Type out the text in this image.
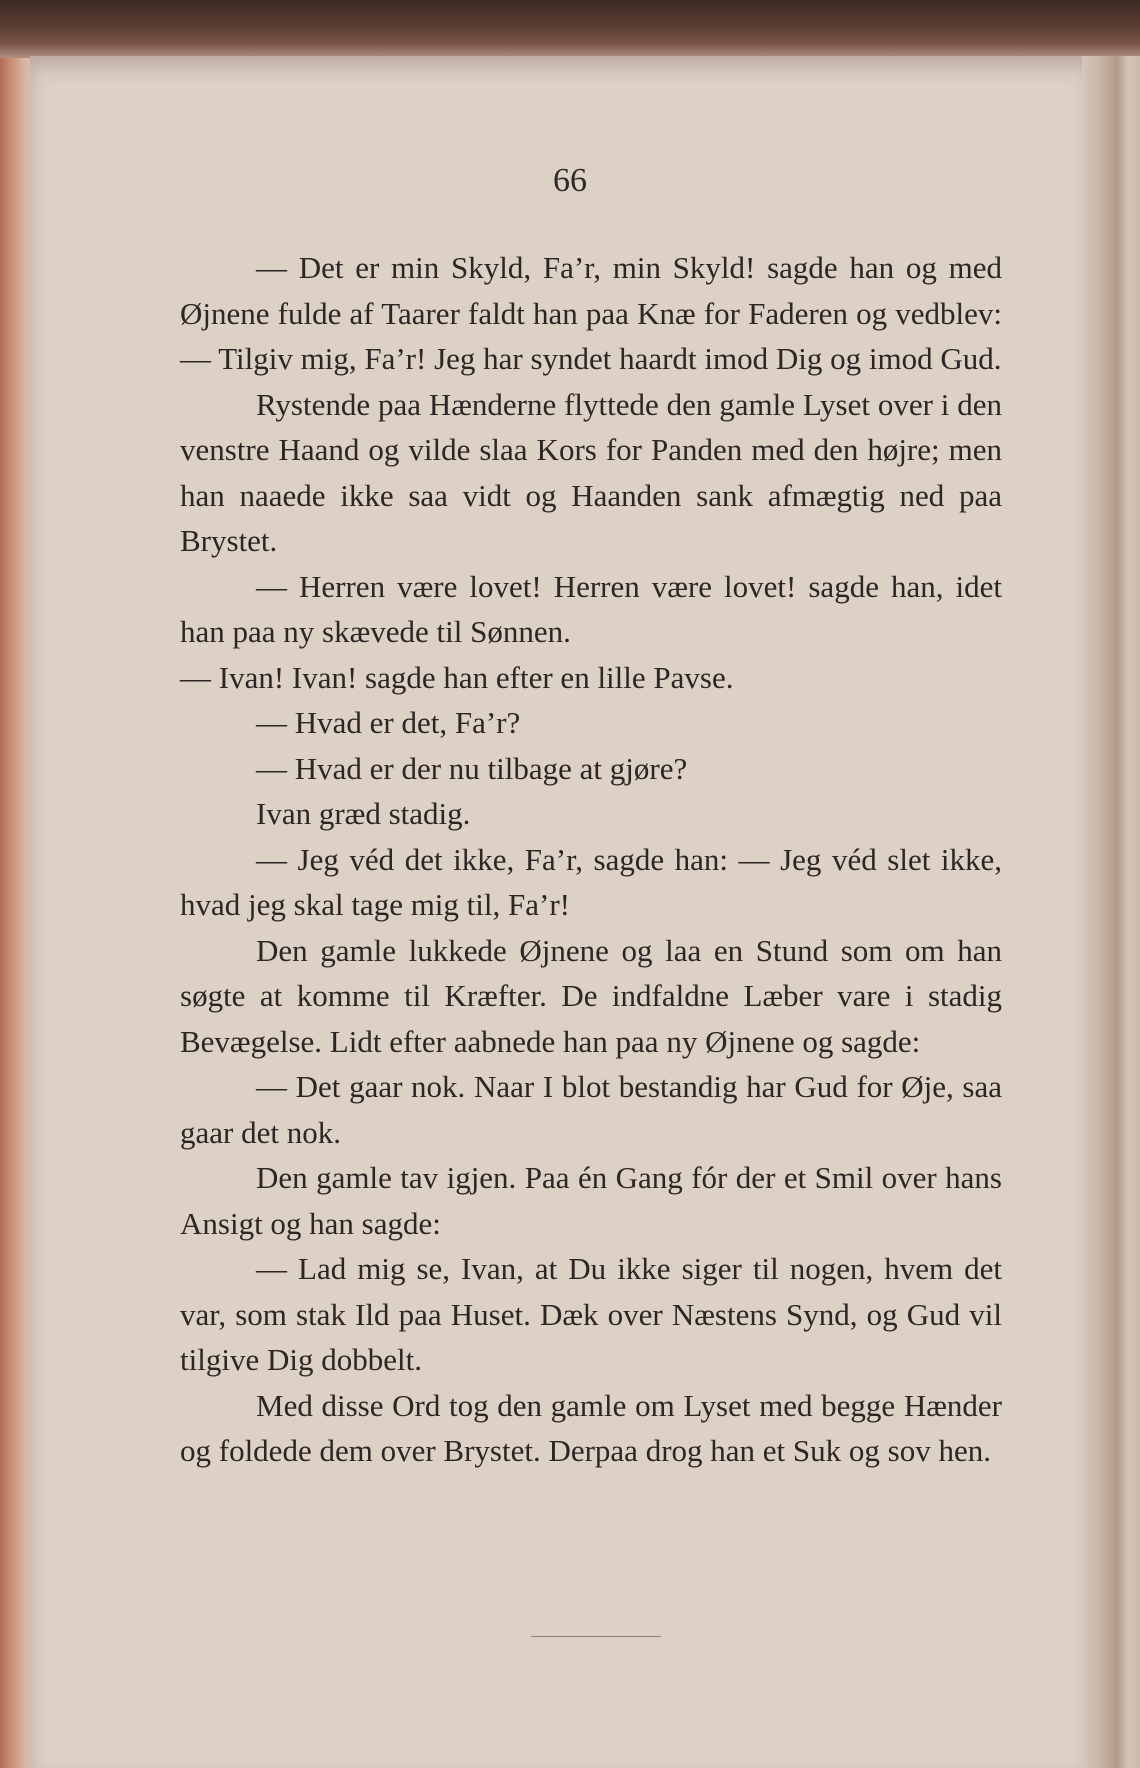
66

— Det er min Skyld, Fa’r, min Skyld! sagde han og med Øjnene fulde af Taarer faldt han paa Knæ for Faderen og vedblev: — Tilgiv mig, Fa’r! Jeg har syndet haardt imod Dig og imod Gud.

Rystende paa Hænderne flyttede den gamle Lyset over i den venstre Haand og vilde slaa Kors for Panden med den højre; men han naaede ikke saa vidt og Haanden sank afmægtig ned paa Brystet.

— Herren være lovet! Herren være lovet! sagde han, idet han paa ny skævede til Sønnen.

— Ivan! Ivan! sagde han efter en lille Pavse.

— Hvad er det, Fa’r?

— Hvad er der nu tilbage at gjøre?

Ivan græd stadig.

— Jeg véd det ikke, Fa’r, sagde han: — Jeg véd slet ikke, hvad jeg skal tage mig til, Fa’r!

Den gamle lukkede Øjnene og laa en Stund som om han søgte at komme til Kræfter. De indfaldne Læber vare i stadig Bevægelse. Lidt efter aabnede han paa ny Øjnene og sagde:

— Det gaar nok. Naar I blot bestandig har Gud for Øje, saa gaar det nok.

Den gamle tav igjen. Paa én Gang fór der et Smil over hans Ansigt og han sagde:

— Lad mig se, Ivan, at Du ikke siger til nogen, hvem det var, som stak Ild paa Huset. Dæk over Næstens Synd, og Gud vil tilgive Dig dobbelt.

Med disse Ord tog den gamle om Lyset med begge Hænder og foldede dem over Brystet. Derpaa drog han et Suk og sov hen.
